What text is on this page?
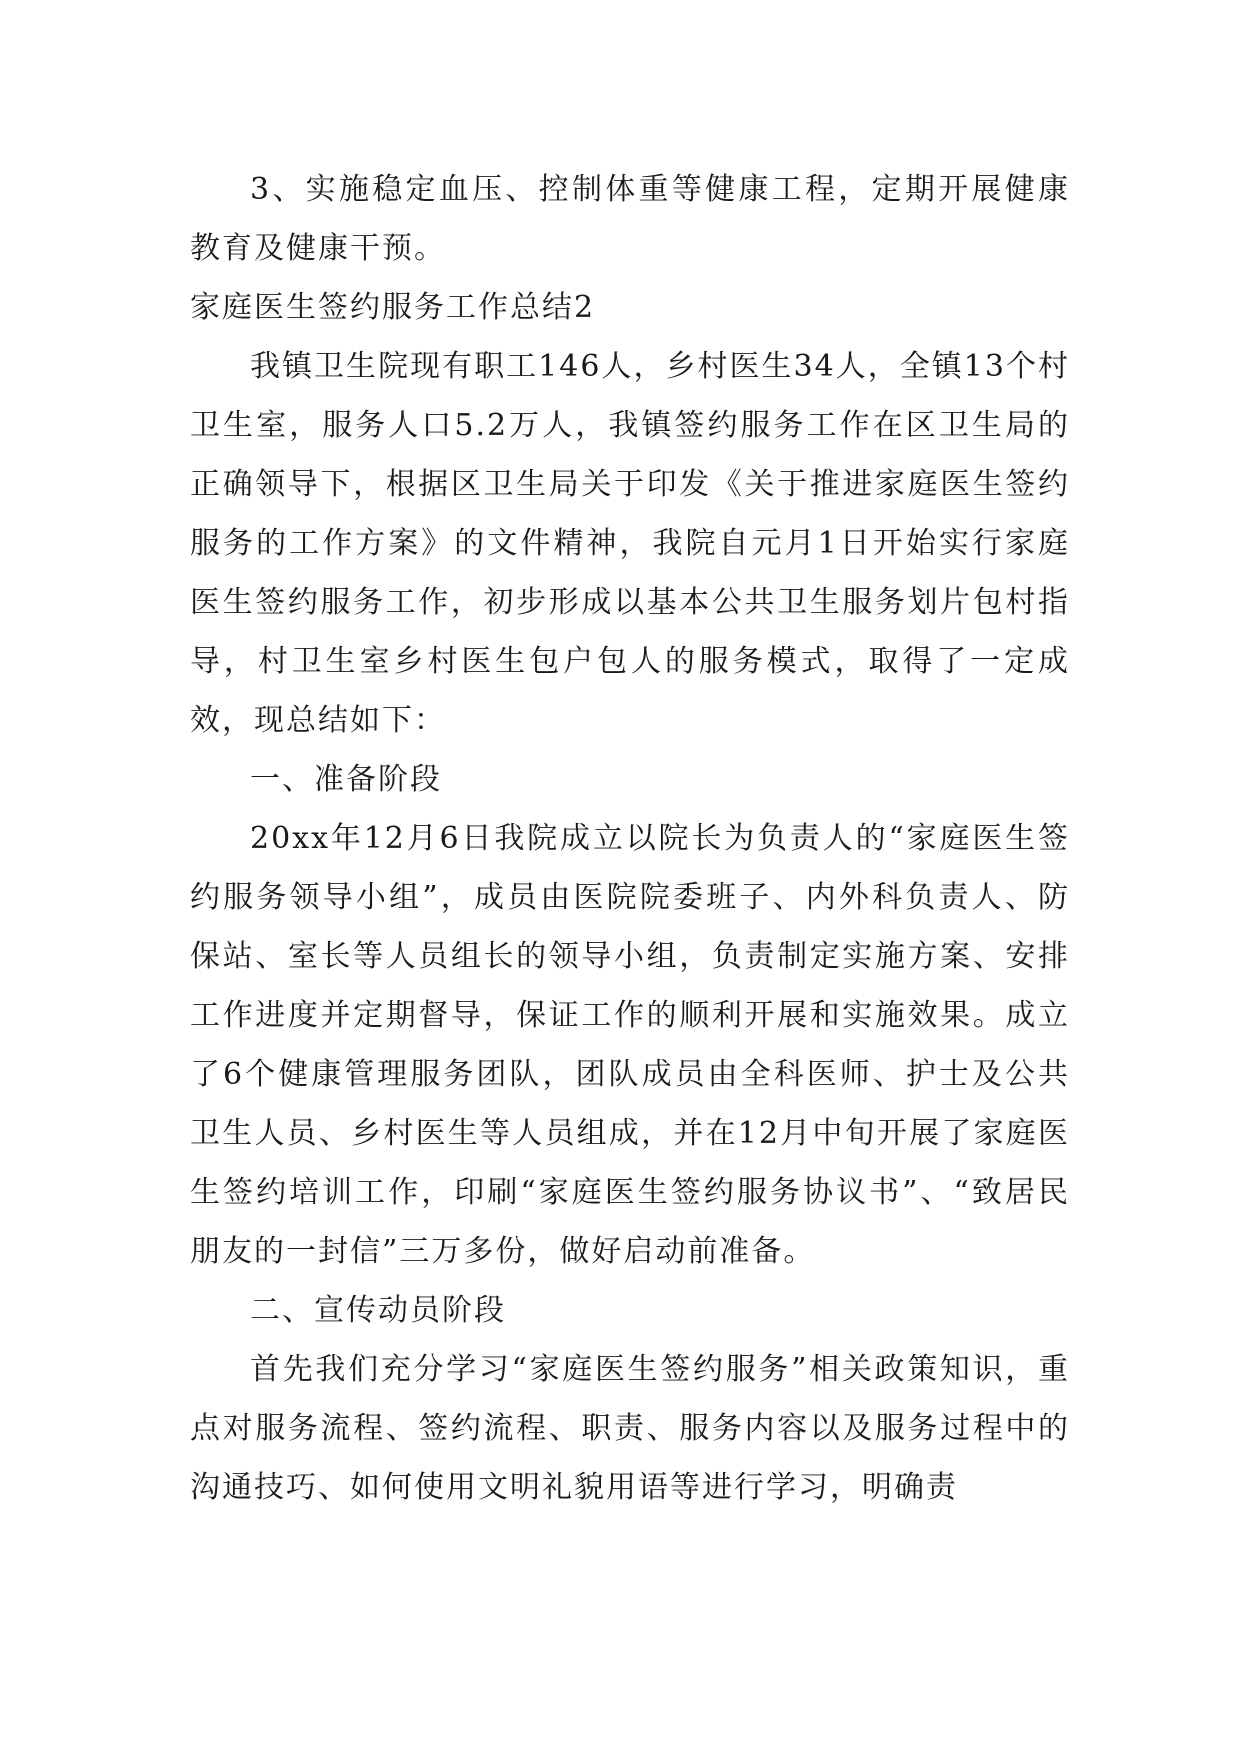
3、实施稳定血压、控制体重等健康工程，定期开展健康教育及健康干预。

家庭医生签约服务工作总结2

我镇卫生院现有职工146人，乡村医生34人，全镇13个村卫生室，服务人口5.2万人，我镇签约服务工作在区卫生局的正确领导下，根据区卫生局关于印发《关于推进家庭医生签约服务的工作方案》的文件精神，我院自元月1日开始实行家庭医生签约服务工作，初步形成以基本公共卫生服务划片包村指导，村卫生室乡村医生包户包人的服务模式，取得了一定成效，现总结如下：

一、准备阶段

20xx年12月6日我院成立以院长为负责人的“家庭医生签约服务领导小组”，成员由医院院委班子、内外科负责人、防保站、室长等人员组长的领导小组，负责制定实施方案、安排工作进度并定期督导，保证工作的顺利开展和实施效果。成立了6个健康管理服务团队，团队成员由全科医师、护士及公共卫生人员、乡村医生等人员组成，并在12月中旬开展了家庭医生签约培训工作，印刷“家庭医生签约服务协议书”、“致居民朋友的一封信”三万多份，做好启动前准备。

二、宣传动员阶段

首先我们充分学习“家庭医生签约服务”相关政策知识，重点对服务流程、签约流程、职责、服务内容以及服务过程中的沟通技巧、如何使用文明礼貌用语等进行学习，明确责
